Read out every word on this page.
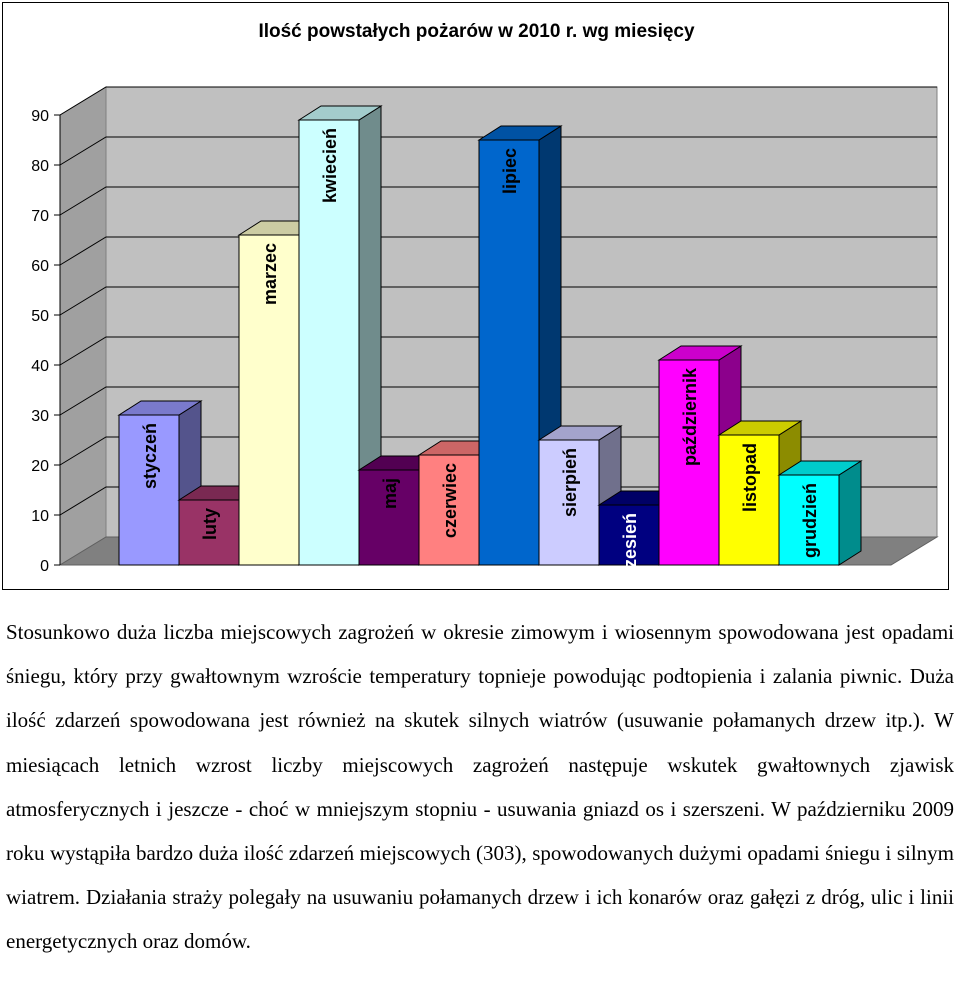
Ilość powstałych pożarów w 2010 r. wg miesięcy
0
10
20
30
40
50
60
70
80
90
styczeń
luty
marzec
kwiecień
maj czerwiec
lipiec
sierpień
wrzesień
październik
listopad
grudzień

Stosunkowo duża liczba miejscowych zagrożeń w okresie zimowym i wiosennym spowodowana jest opadami śniegu, który przy gwałtownym wzroście temperatury topnieje powodując podtopienia i zalania piwnic. Duża ilość zdarzeń spowodowana jest również na skutek silnych wiatrów (usuwanie połamanych drzew itp.). W miesiącach letnich wzrost liczby miejscowych zagrożeń następuje wskutek gwałtownych zjawisk atmosferycznych i jeszcze - choć w mniejszym stopniu - usuwania gniazd os i szerszeni. W październiku 2009 roku wystąpiła bardzo duża ilość zdarzeń miejscowych (303), spowodowanych dużymi opadami śniegu i silnym wiatrem. Działania straży polegały na usuwaniu połamanych drzew i ich konarów oraz gałęzi z dróg, ulic i linii energetycznych oraz domów.
